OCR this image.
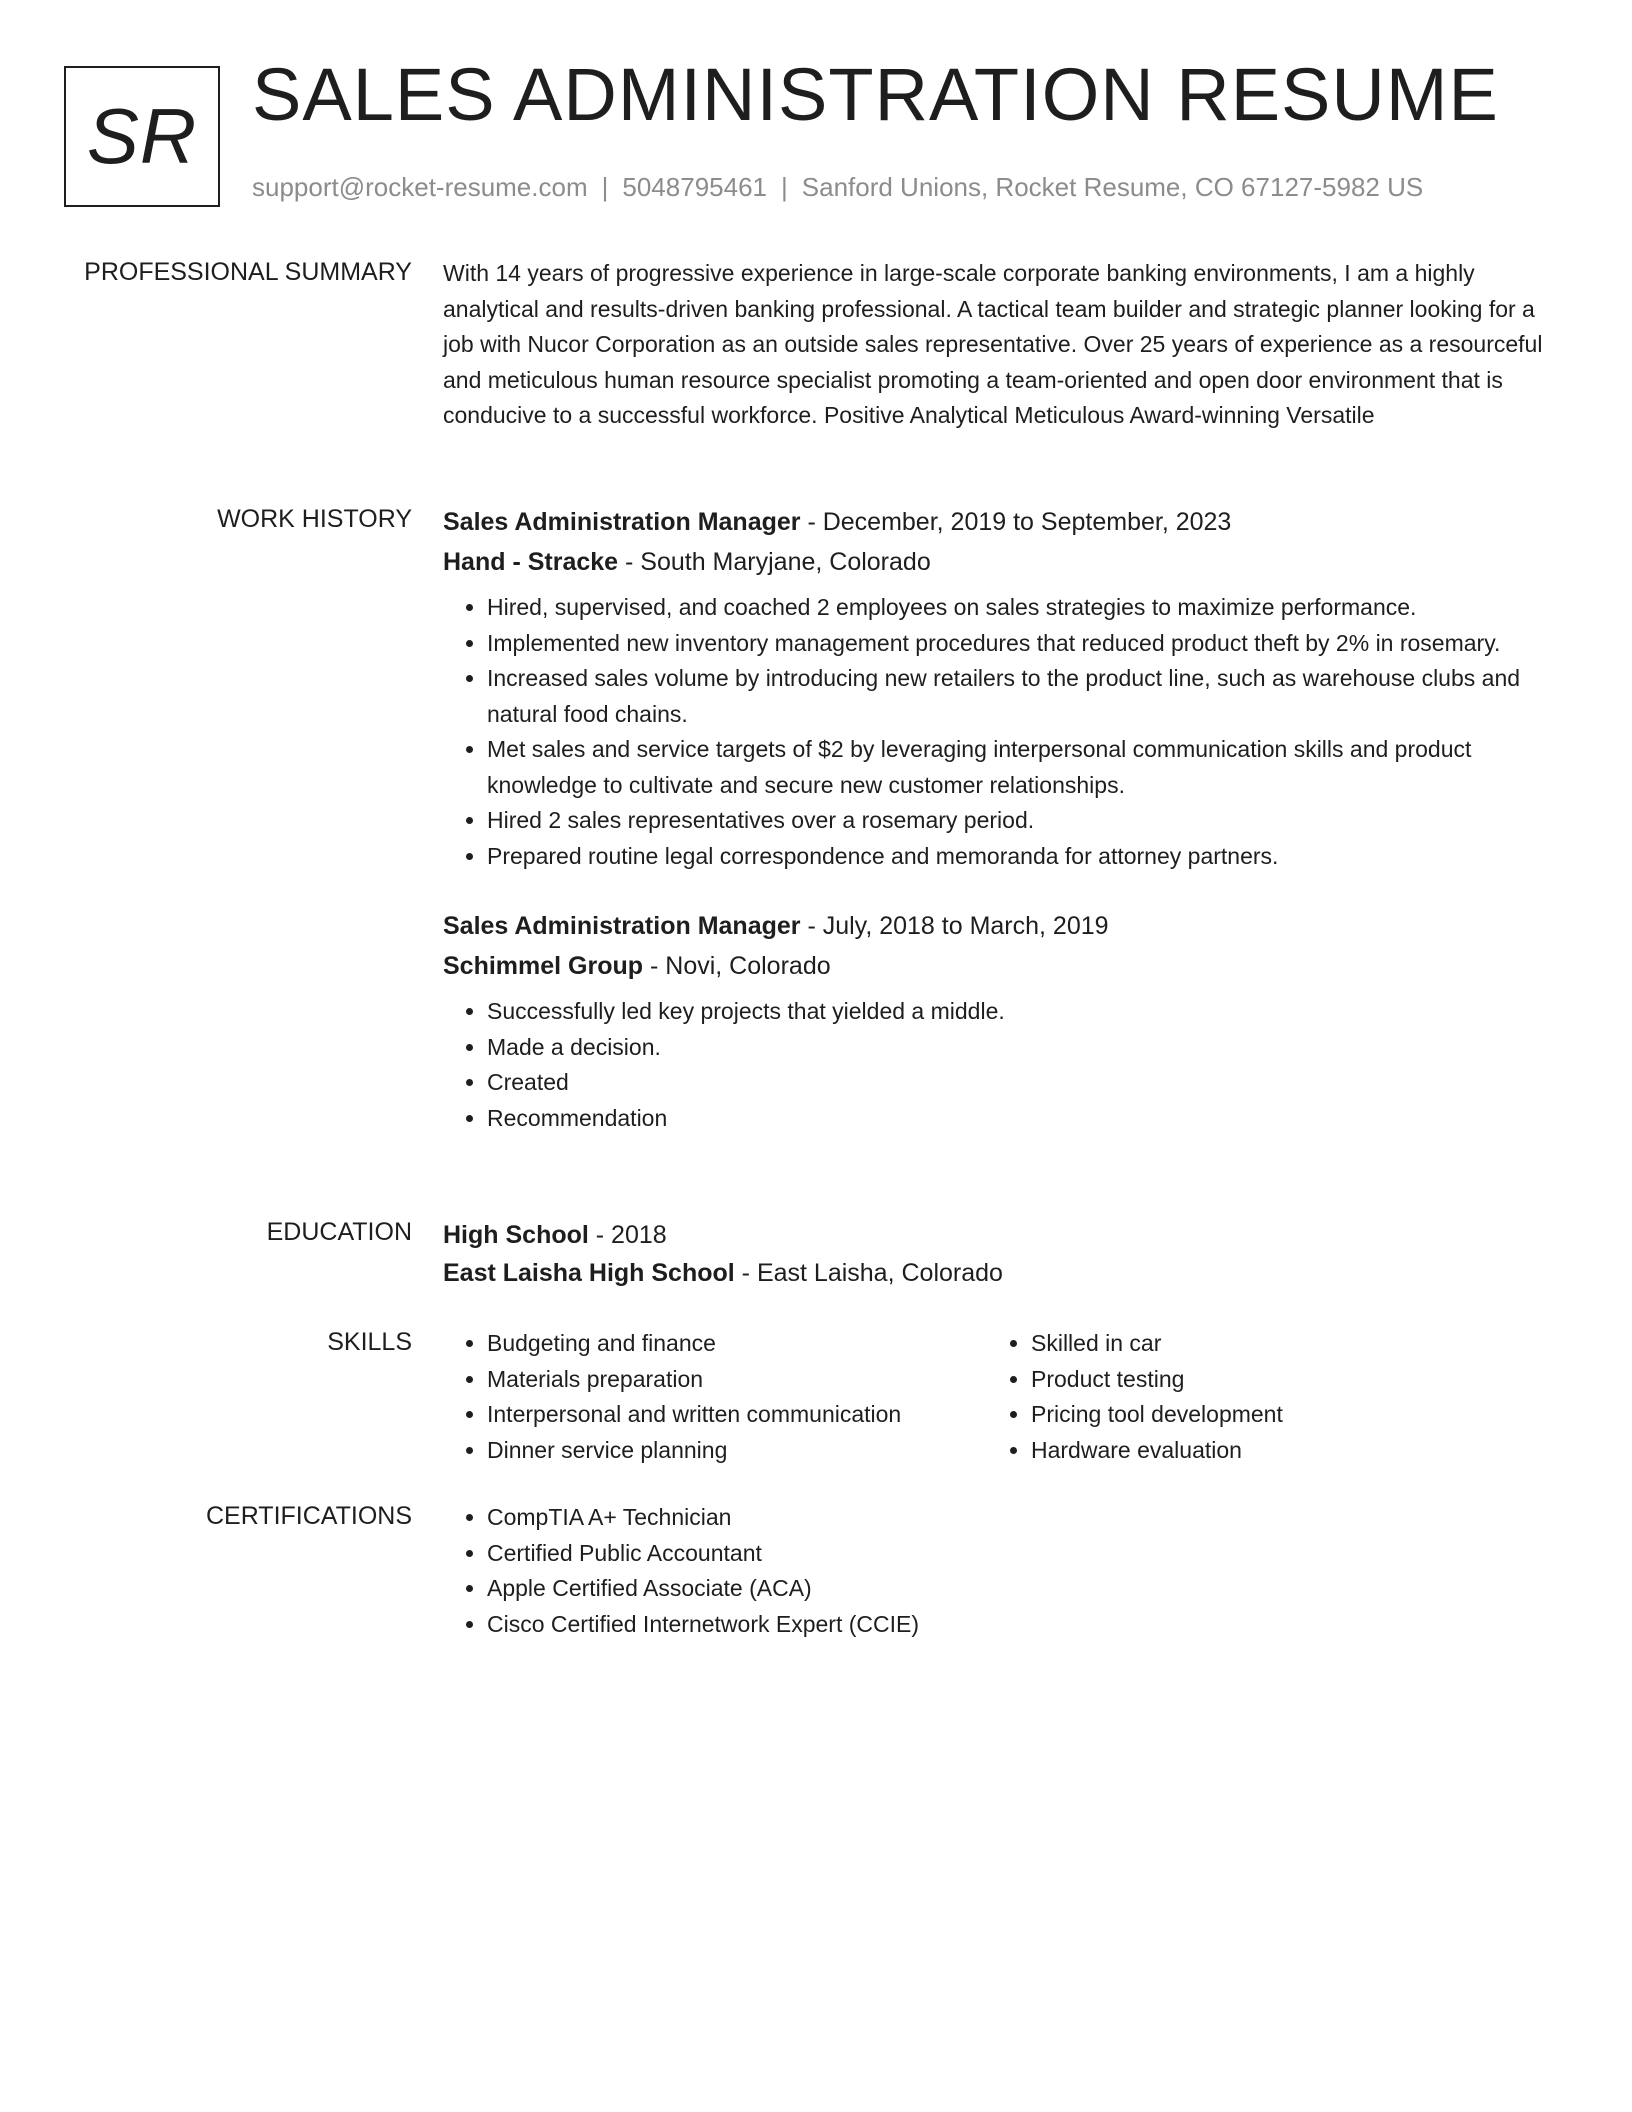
SR SALES ADMINISTRATION RESUME
support@rocket-resume.com | 5048795461 | Sanford Unions, Rocket Resume, CO 67127-5982 US
PROFESSIONAL SUMMARY With 14 years of progressive experience in large-scale corporate banking environments, I am a highly analytical and results-driven banking professional. A tactical team builder and strategic planner looking for a job with Nucor Corporation as an outside sales representative. Over 25 years of experience as a resourceful and meticulous human resource specialist promoting a team-oriented and open door environment that is conducive to a successful workforce. Positive Analytical Meticulous Award-winning Versatile

WORK HISTORY Sales Administration Manager - December, 2019 to September, 2023
Hand - Stracke - South Maryjane, Colorado
• Hired, supervised, and coached 2 employees on sales strategies to maximize performance.
• Implemented new inventory management procedures that reduced product theft by 2% in rosemary.
• Increased sales volume by introducing new retailers to the product line, such as warehouse clubs and natural food chains.
• Met sales and service targets of $2 by leveraging interpersonal communication skills and product knowledge to cultivate and secure new customer relationships.
• Hired 2 sales representatives over a rosemary period.
• Prepared routine legal correspondence and memoranda for attorney partners.
Sales Administration Manager - July, 2018 to March, 2019
Schimmel Group - Novi, Colorado
• Successfully led key projects that yielded a middle.
• Made a decision.
• Created
• Recommendation
EDUCATION High School - 2018
East Laisha High School - East Laisha, Colorado
SKILLS	• Budgeting and finance
• Materials preparation
• Interpersonal and written communication
• Dinner service planning
• Skilled in car
• Product testing
• Pricing tool development
• Hardware evaluation
CERTIFICATIONS	• CompTIA A+ Technician
• Certified Public Accountant
• Apple Certified Associate (ACA)
• Cisco Certified Internetwork Expert (CCIE)
